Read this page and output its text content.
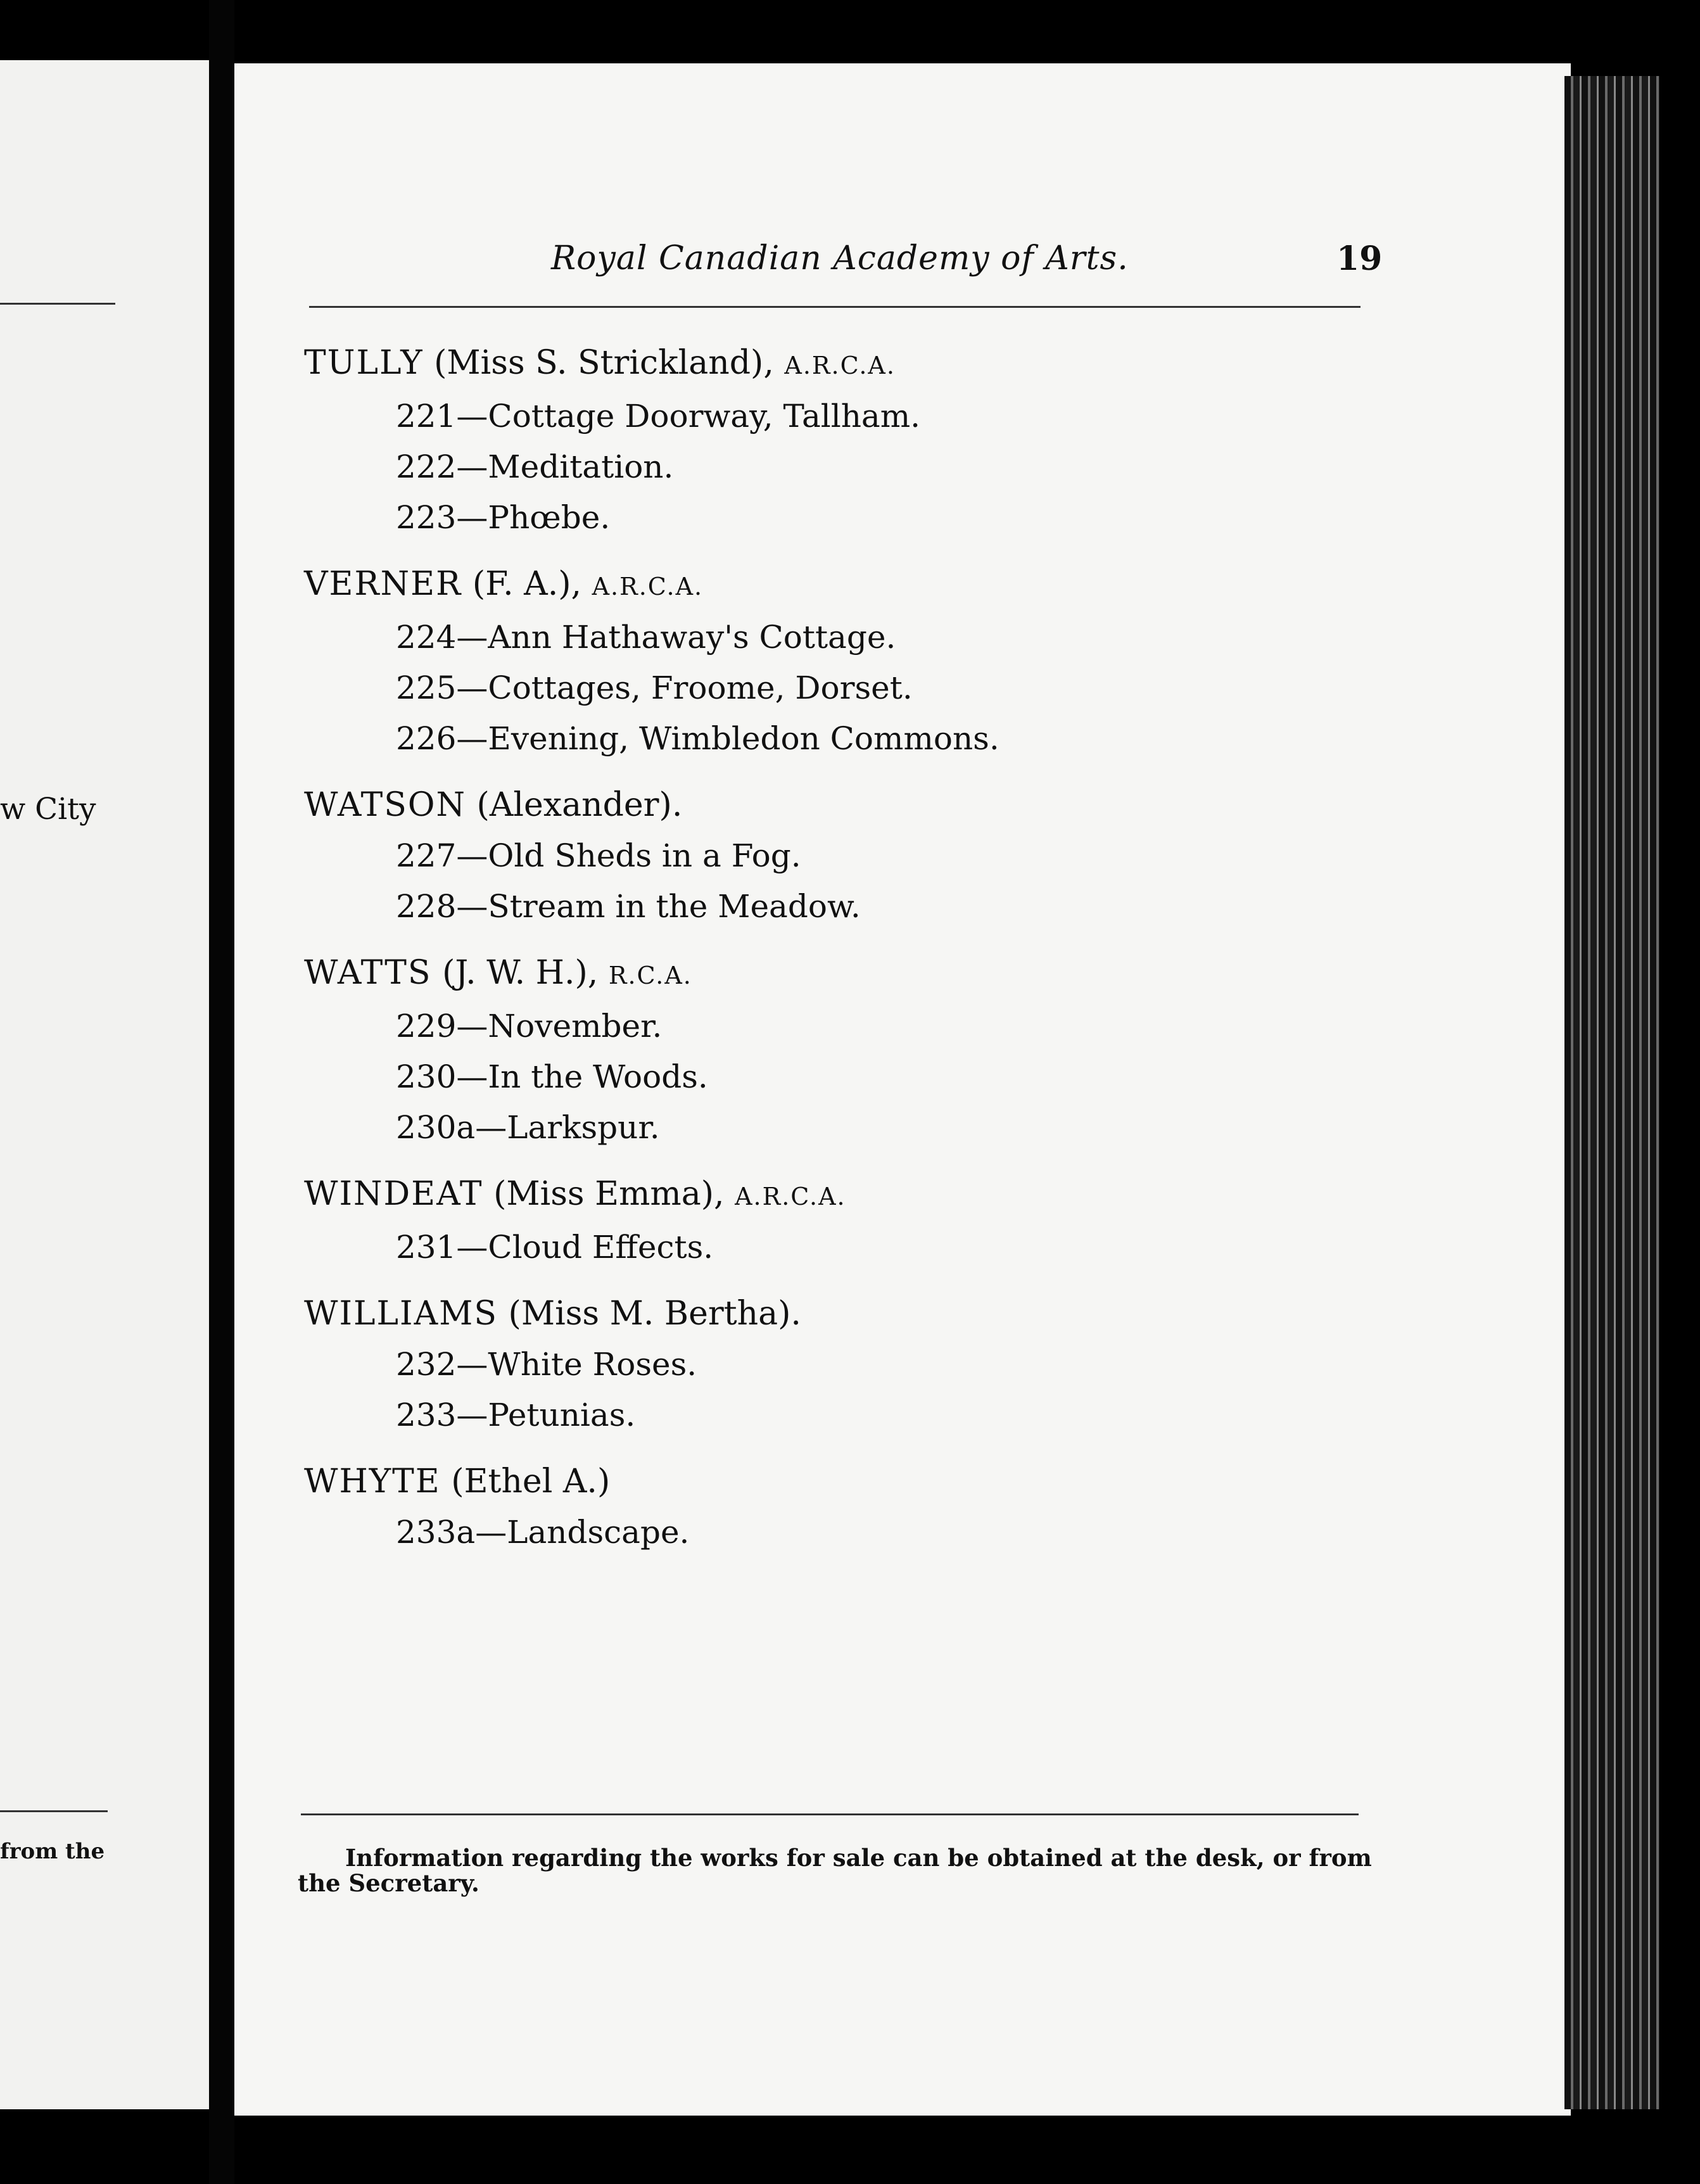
w City
from the
Royal Canadian Academy of Arts.	19
TULLY (Miss S. Strickland), A.R.C.A.
221—Cottage Doorway, Tallham.
222—Meditation.
223—Phœbe.
VERNER (F. A.), A.R.C.A.
224—Ann Hathaway's Cottage.
225—Cottages, Froome, Dorset.
226—Evening, Wimbledon Commons.
WATSON (Alexander).
227—Old Sheds in a Fog.
228—Stream in the Meadow.
WATTS (J. W. H.), R.C.A.
229—November.
230—In the Woods.
230a—Larkspur.
WINDEAT (Miss Emma), A.R.C.A.
231—Cloud Effects.
WILLIAMS (Miss M. Bertha).
232—White Roses.
233—Petunias.
WHYTE (Ethel A.)
233a—Landscape.
Information regarding the works for sale can be obtained at the desk, or from the Secretary.
